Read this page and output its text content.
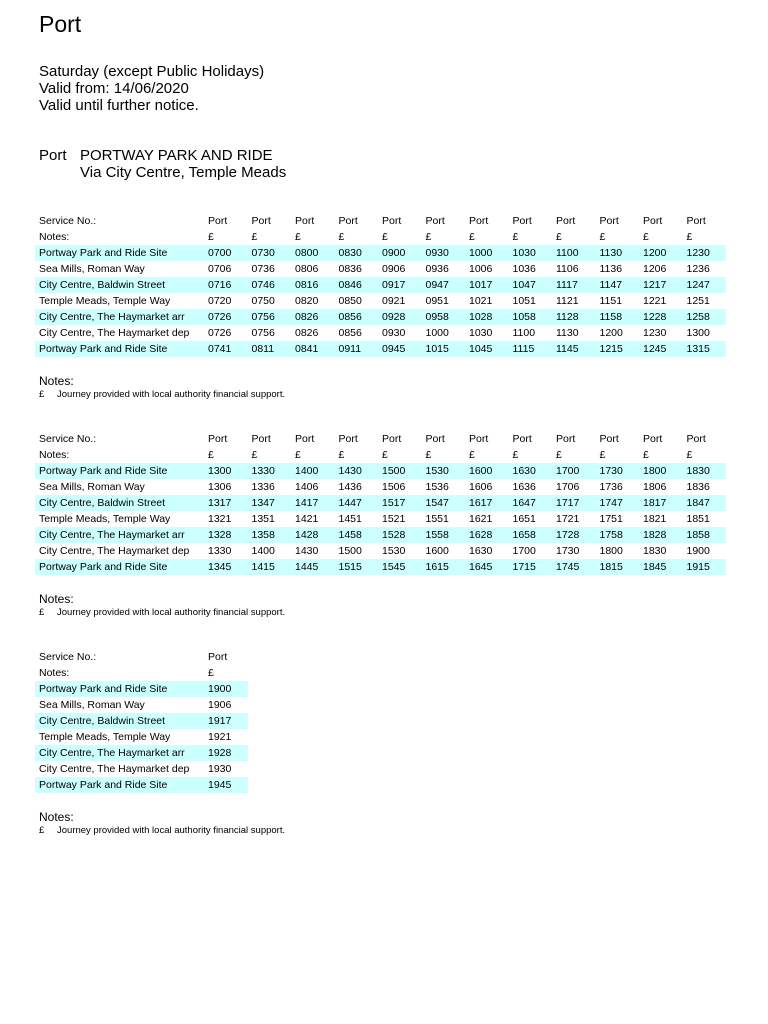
Port
Saturday (except Public Holidays)
Valid from: 14/06/2020
Valid until further notice.
Port PORTWAY PARK AND RIDE
Via City Centre, Temple Meads
Service No.:	Port	Port	Port	Port	Port	Port	Port	Port	Port	Port	Port	Port
Notes:	£	£	£	£	£	£	£	£	£	£	£	£
Portway Park and Ride Site	0700	0730	0800	0830	0900	0930	1000	1030	1100	1130	1200	1230
Sea Mills, Roman Way	0706	0736	0806	0836	0906	0936	1006	1036	1106	1136	1206	1236
City Centre, Baldwin Street	0716	0746	0816	0846	0917	0947	1017	1047	1117	1147	1217	1247
Temple Meads, Temple Way	0720	0750	0820	0850	0921	0951	1021	1051	1121	1151	1221	1251
City Centre, The Haymarket arr	0726	0756	0826	0856	0928	0958	1028	1058	1128	1158	1228	1258
City Centre, The Haymarket dep	0726	0756	0826	0856	0930	1000	1030	1100	1130	1200	1230	1300
Portway Park and Ride Site	0741	0811	0841	0911	0945	1015	1045	1115	1145	1215	1245	1315
Notes:
£ Journey provided with local authority financial support.
Service No.:	Port	Port	Port	Port	Port	Port	Port	Port	Port	Port	Port	Port
Notes:	£	£	£	£	£	£	£	£	£	£	£	£
Portway Park and Ride Site	1300	1330	1400	1430	1500	1530	1600	1630	1700	1730	1800	1830
Sea Mills, Roman Way	1306	1336	1406	1436	1506	1536	1606	1636	1706	1736	1806	1836
City Centre, Baldwin Street	1317	1347	1417	1447	1517	1547	1617	1647	1717	1747	1817	1847
Temple Meads, Temple Way	1321	1351	1421	1451	1521	1551	1621	1651	1721	1751	1821	1851
City Centre, The Haymarket arr	1328	1358	1428	1458	1528	1558	1628	1658	1728	1758	1828	1858
City Centre, The Haymarket dep	1330	1400	1430	1500	1530	1600	1630	1700	1730	1800	1830	1900
Portway Park and Ride Site	1345	1415	1445	1515	1545	1615	1645	1715	1745	1815	1845	1915
Notes:
£ Journey provided with local authority financial support.
Service No.:	Port
Notes:	£
Portway Park and Ride Site	1900
Sea Mills, Roman Way	1906
City Centre, Baldwin Street	1917
Temple Meads, Temple Way	1921
City Centre, The Haymarket arr	1928
City Centre, The Haymarket dep	1930
Portway Park and Ride Site	1945
Notes:
£ Journey provided with local authority financial support.
